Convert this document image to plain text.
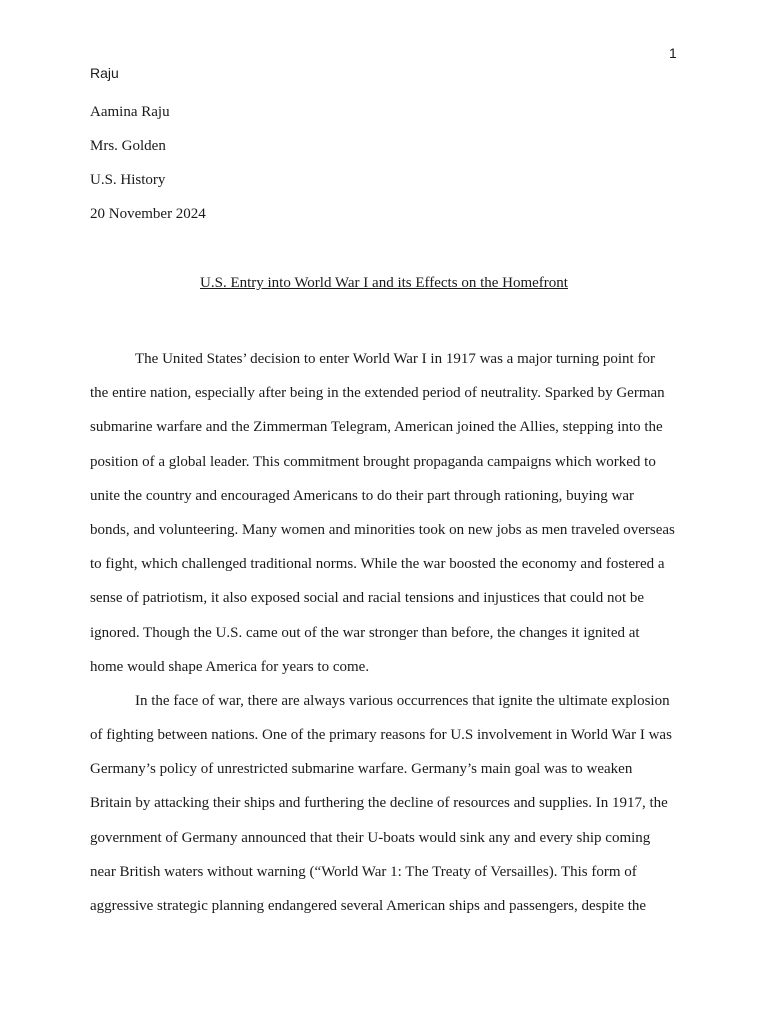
1
Raju
Aamina Raju
Mrs. Golden
U.S. History
20 November 2024
U.S. Entry into World War I and its Effects on the Homefront
The United States’ decision to enter World War I in 1917 was a major turning point for
the entire nation, especially after being in the extended period of neutrality. Sparked by German
submarine warfare and the Zimmerman Telegram, American joined the Allies, stepping into the
position of a global leader. This commitment brought propaganda campaigns which worked to
unite the country and encouraged Americans to do their part through rationing, buying war
bonds, and volunteering. Many women and minorities took on new jobs as men traveled overseas
to fight, which challenged traditional norms. While the war boosted the economy and fostered a
sense of patriotism, it also exposed social and racial tensions and injustices that could not be
ignored. Though the U.S. came out of the war stronger than before, the changes it ignited at
home would shape America for years to come.
In the face of war, there are always various occurrences that ignite the ultimate explosion
of fighting between nations. One of the primary reasons for U.S involvement in World War I was
Germany’s policy of unrestricted submarine warfare. Germany’s main goal was to weaken
Britain by attacking their ships and furthering the decline of resources and supplies. In 1917, the
government of Germany announced that their U-boats would sink any and every ship coming
near British waters without warning (“World War 1: The Treaty of Versailles). This form of
aggressive strategic planning endangered several American ships and passengers, despite the
